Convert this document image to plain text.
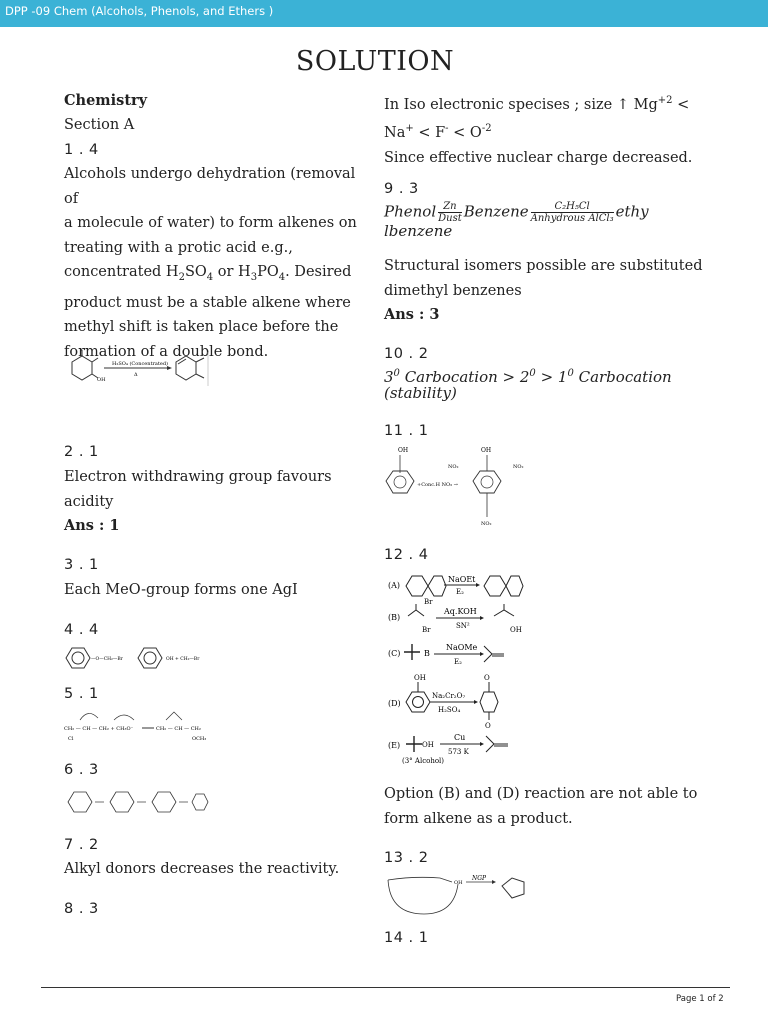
DPP -09 Chem (Alcohols, Phenols, and Ethers )
SOLUTION
Chemistry
Section A
1 . 4
Alcohols undergo dehydration (removal of
a molecule of water) to form alkenes on
treating with a protic acid e.g.,
concentrated $H_2SO_4$ or $H_3PO_4$. Desired
product must be a stable alkene where
methyl shift is taken place before the
formation of a double bond.
OH
H₂SO₄ (Concentrated)
Δ
2 . 1
Electron withdrawing group favours
acidity
Ans : 1
3 . 1
Each MeO-group forms one AgI
4 . 4
—O—CH₂—Br	OH + CH₂—Br
5 . 1
CH₂ — CH — CH₂ + CH₃O⁻
Cl
CH₂ — CH — CH₂
OCH₃
6 . 3
7 . 2
Alkyl donors decreases the reactivity.
8 . 3
In Iso electronic specises ; size ↑ $Mg^{+2}$ <
$Na^+ < F^- < O^{-2}$
Since effective nuclear charge decreased.
9 . 3
Phenol Zn
Dust Benzene	C₂H₅Cl
Anhydrous AlCl₃ ethy
lbenzene
Structural isomers possible are substituted
dimethyl benzenes
Ans : 3
10 . 2
$3^0$ Carbocation > $2^0 > 1^0$ Carbocation
(stability)
11 . 1
OH
+Conc.H NO₃ →
OH
NO₂	NO₂
NO₂
12 . 4
(A)
Br
NaOEt
E₂
(B)
Br
Aq.KOH
SN²	OH
(C)	B
NaOMe
E₂
OH
(D)
Na₂Cr₂O₇
H₂SO₄
O
O
(E)	OH
Cu
573 K
(3° Alcohol)
Option (B) and (D) reaction are not able to
form alkene as a product.
13 . 2
OH
NGP
14 . 1
Page 1 of 2
